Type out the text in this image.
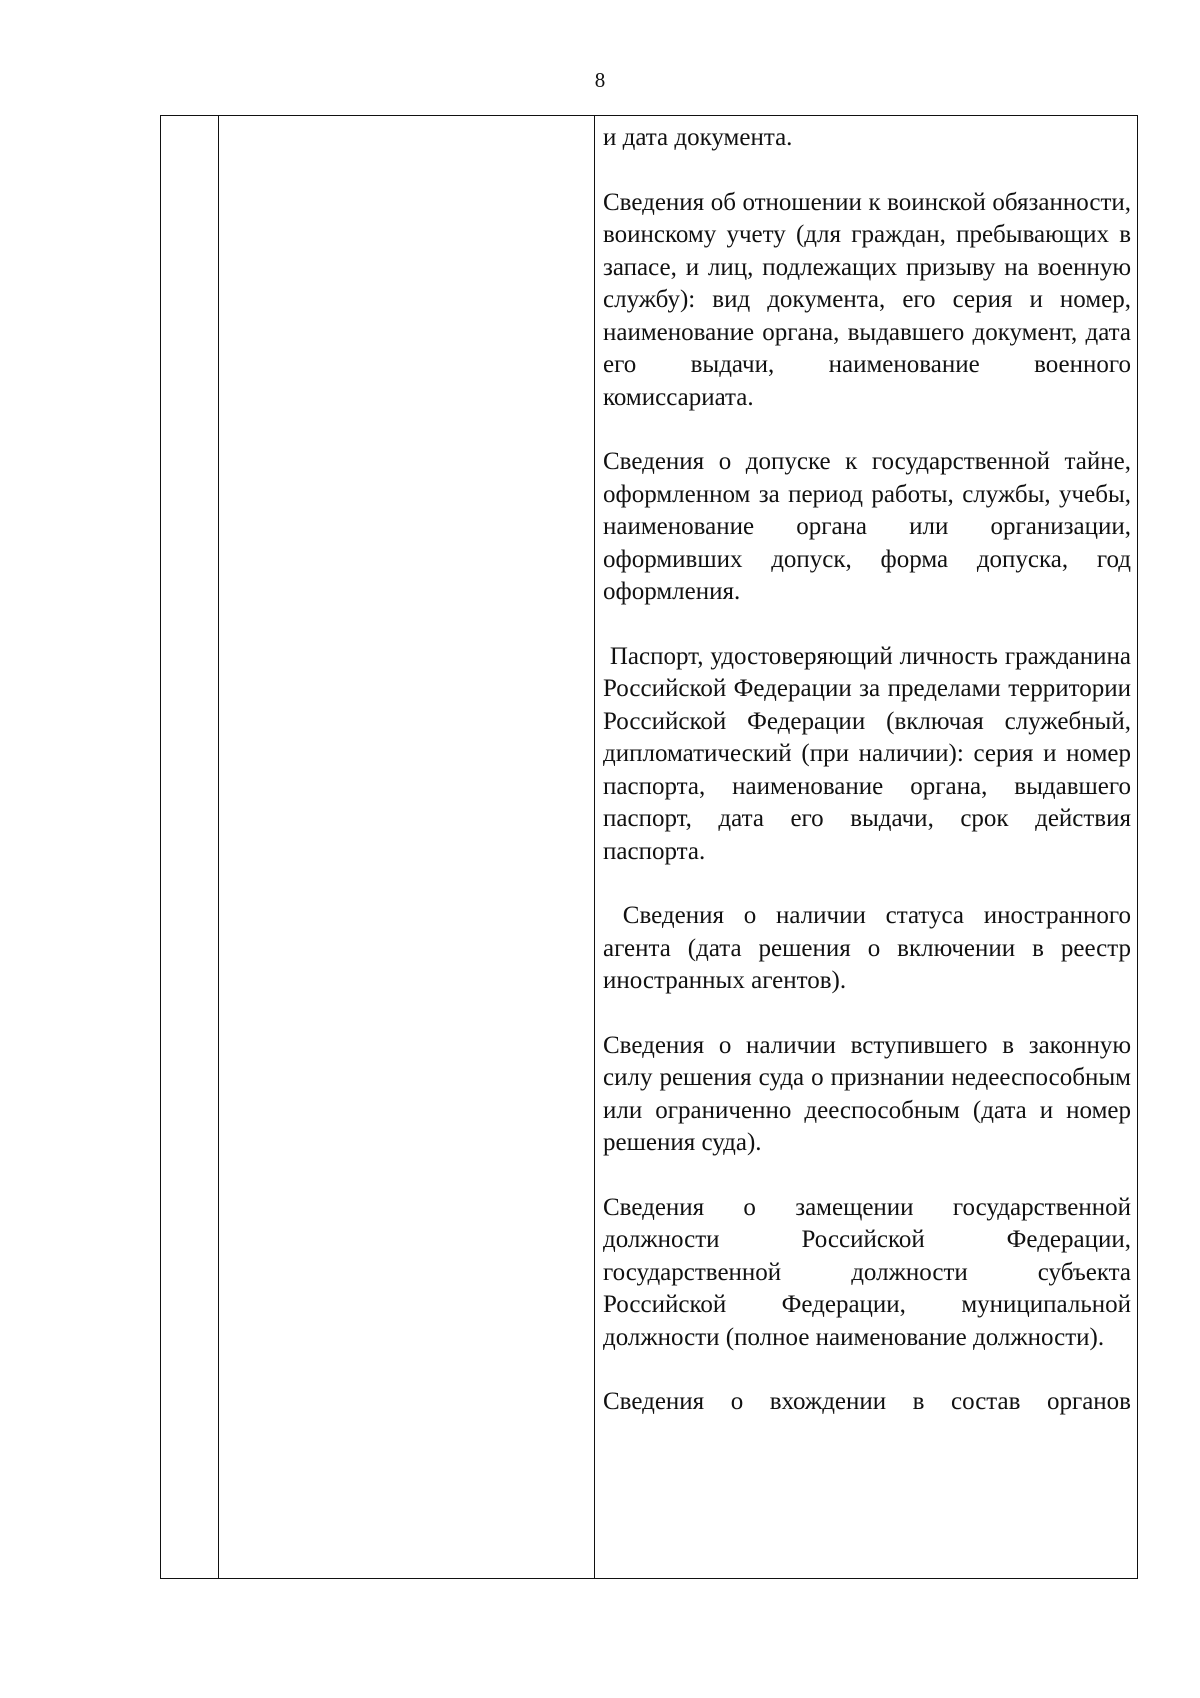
8

и дата документа.

Сведения об отношении к воинской обязанности, воинскому учету (для граждан, пребывающих в запасе, и лиц, подлежащих призыву на военную службу): вид документа, его серия и номер, наименование органа, выдавшего документ, дата его выдачи, наименование военного комиссариата.

Сведения о допуске к государственной тайне, оформленном за период работы, службы, учебы, наименование органа или организации, оформивших допуск, форма допуска, год оформления.

Паспорт, удостоверяющий личность гражданина Российской Федерации за пределами территории Российской Федерации (включая служебный, дипломатический (при наличии): серия и номер паспорта, наименование органа, выдавшего паспорт, дата его выдачи, срок действия паспорта.

Сведения о наличии статуса иностранного агента (дата решения о включении в реестр иностранных агентов).

Сведения о наличии вступившего в законную силу решения суда о признании недееспособным или ограниченно дееспособным (дата и номер решения суда).

Сведения о замещении государственной должности Российской Федерации, государственной должности субъекта Российской Федерации, муниципальной должности (полное наименование должности).

Сведения о вхождении в состав органов
